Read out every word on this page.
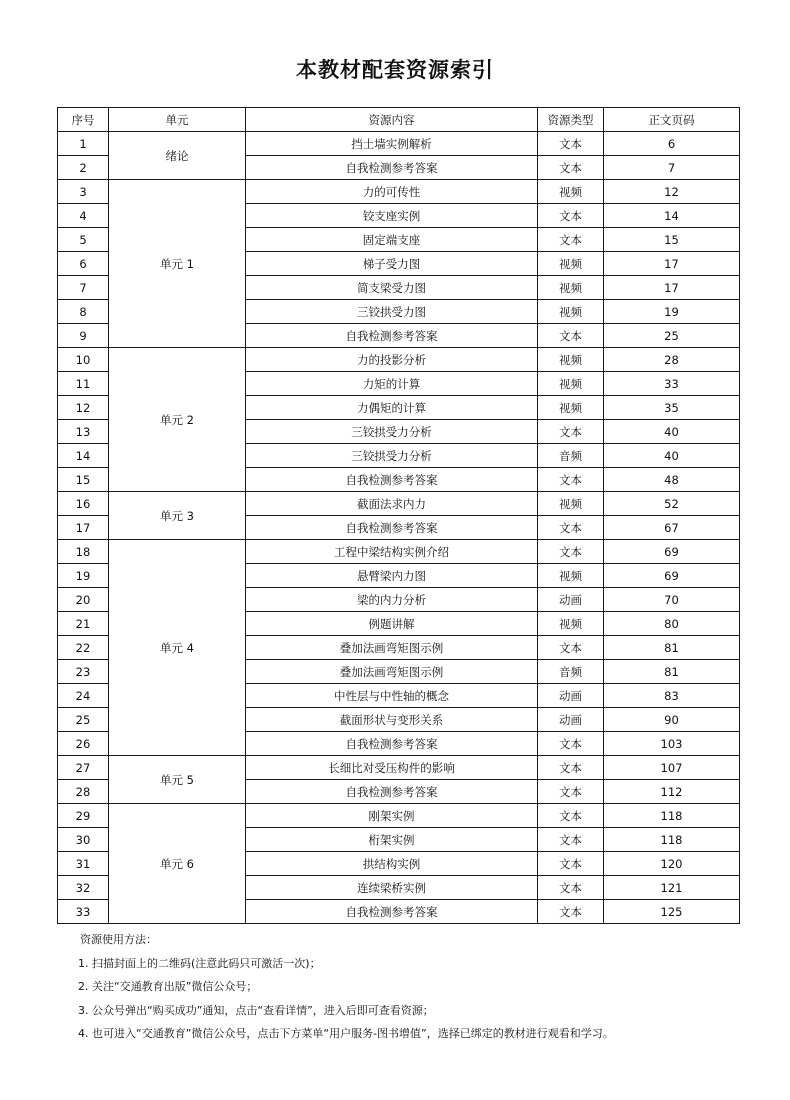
本教材配套资源索引
序号	单元	资源内容	资源类型	正文页码
1	绪论	挡土墙实例解析	文本	6
2		自我检测参考答案	文本	7
3	单元 1	力的可传性	视频	12
4		铰支座实例	文本	14
5		固定端支座	文本	15
6		梯子受力图	视频	17
7		简支梁受力图	视频	17
8		三铰拱受力图	视频	19
9		自我检测参考答案	文本	25
10	单元 2	力的投影分析	视频	28
11		力矩的计算	视频	33
12		力偶矩的计算	视频	35
13		三铰拱受力分析	文本	40
14		三铰拱受力分析	音频	40
15		自我检测参考答案	文本	48
16	单元 3	截面法求内力	视频	52
17		自我检测参考答案	文本	67
18	单元 4	工程中梁结构实例介绍	文本	69
19		悬臂梁内力图	视频	69
20		梁的内力分析	动画	70
21		例题讲解	视频	80
22		叠加法画弯矩图示例	文本	81
23		叠加法画弯矩图示例	音频	81
24		中性层与中性轴的概念	动画	83
25		截面形状与变形关系	动画	90
26		自我检测参考答案	文本	103
27	单元 5	长细比对受压构件的影响	文本	107
28		自我检测参考答案	文本	112
29	单元 6	刚架实例	文本	118
30		桁架实例	文本	118
31		拱结构实例	文本	120
32		连续梁桥实例	文本	121
33		自我检测参考答案	文本	125
资源使用方法：
1. 扫描封面上的二维码(注意此码只可激活一次)；
2. 关注“交通教育出版”微信公众号；
3. 公众号弹出“购买成功”通知，点击“查看详情”，进入后即可查看资源；
4. 也可进入“交通教育”微信公众号，点击下方菜单“用户服务-图书增值”，选择已绑定的教材进行观看和学习。
